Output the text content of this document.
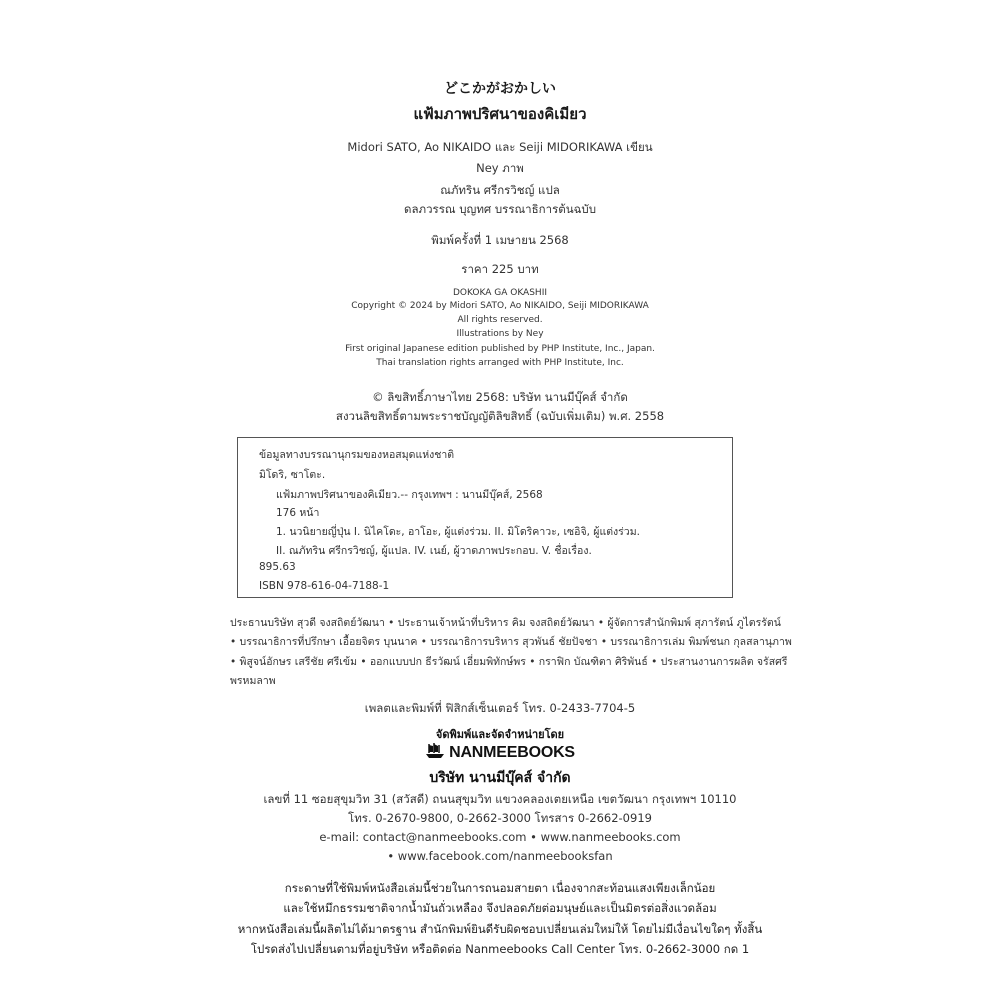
どこかがおかしい
แฟ้มภาพปริศนาของคิเมียว
Midori SATO, Ao NIKAIDO และ Seiji MIDORIKAWA เขียน
Ney ภาพ
ณภัทริน ศรีกรวิชญ์ แปล
ดลภวรรณ บุญทศ บรรณาธิการต้นฉบับ
พิมพ์ครั้งที่ 1 เมษายน 2568
ราคา 225 บาท
DOKOKA GA OKASHII
Copyright © 2024 by Midori SATO, Ao NIKAIDO, Seiji MIDORIKAWA
All rights reserved.
Illustrations by Ney
First original Japanese edition published by PHP Institute, Inc., Japan.
Thai translation rights arranged with PHP Institute, Inc.
© ลิขสิทธิ์ภาษาไทย 2568: บริษัท นานมีบุ๊คส์ จำกัด
สงวนลิขสิทธิ์ตามพระราชบัญญัติลิขสิทธิ์ (ฉบับเพิ่มเติม) พ.ศ. 2558
ข้อมูลทางบรรณานุกรมของหอสมุดแห่งชาติ
มิโดริ, ซาโตะ.
แฟ้มภาพปริศนาของคิเมียว.-- กรุงเทพฯ : นานมีบุ๊คส์, 2568
176 หน้า
1. นวนิยายญี่ปุ่น I. นิไคโดะ, อาโอะ, ผู้แต่งร่วม. II. มิโดริคาวะ, เซอิจิ, ผู้แต่งร่วม.
II. ณภัทริน ศรีกรวิชญ์, ผู้แปล. IV. เนย์, ผู้วาดภาพประกอบ. V. ชื่อเรื่อง.
895.63
ISBN 978-616-04-7188-1
ประธานบริษัท สุวดี จงสถิตย์วัฒนา • ประธานเจ้าหน้าที่บริหาร คิม จงสถิตย์วัฒนา • ผู้จัดการสำนักพิมพ์ สุภารัตน์ ภูไตรรัตน์
• บรรณาธิการที่ปรึกษา เอื้อยจิตร บุนนาค • บรรณาธิการบริหาร สุวพันธ์ ชัยปัจชา • บรรณาธิการเล่ม พิมพ์ชนก กุลสลานุภาพ
• พิสูจน์อักษร เสรีชัย ศรีเข้ม • ออกแบบปก ธีรวัฒน์ เอี่ยมพิทักษ์พร • กราฟิก บัณฑิตา ศิริพันธ์ • ประสานงานการผลิต จรัสศรี
พรหมลาพ
เพลตและพิมพ์ที่ ฟิสิกส์เซ็นเตอร์ โทร. 0-2433-7704-5
จัดพิมพ์และจัดจำหน่ายโดย
NANMEEBOOKS
บริษัท นานมีบุ๊คส์ จำกัด
เลขที่ 11 ซอยสุขุมวิท 31 (สวัสดี) ถนนสุขุมวิท แขวงคลองเตยเหนือ เขตวัฒนา กรุงเทพฯ 10110
โทร. 0-2670-9800, 0-2662-3000 โทรสาร 0-2662-0919
e-mail: contact@nanmeebooks.com • www.nanmeebooks.com
• www.facebook.com/nanmeebooksfan
กระดาษที่ใช้พิมพ์หนังสือเล่มนี้ช่วยในการถนอมสายตา เนื่องจากสะท้อนแสงเพียงเล็กน้อย
และใช้หมึกธรรมชาติจากน้ำมันถั่วเหลือง จึงปลอดภัยต่อมนุษย์และเป็นมิตรต่อสิ่งแวดล้อม
หากหนังสือเล่มนี้ผลิตไม่ได้มาตรฐาน สำนักพิมพ์ยินดีรับผิดชอบเปลี่ยนเล่มใหม่ให้ โดยไม่มีเงื่อนไขใดๆ ทั้งสิ้น
โปรดส่งไปเปลี่ยนตามที่อยู่บริษัท หรือติดต่อ Nanmeebooks Call Center โทร. 0-2662-3000 กด 1
